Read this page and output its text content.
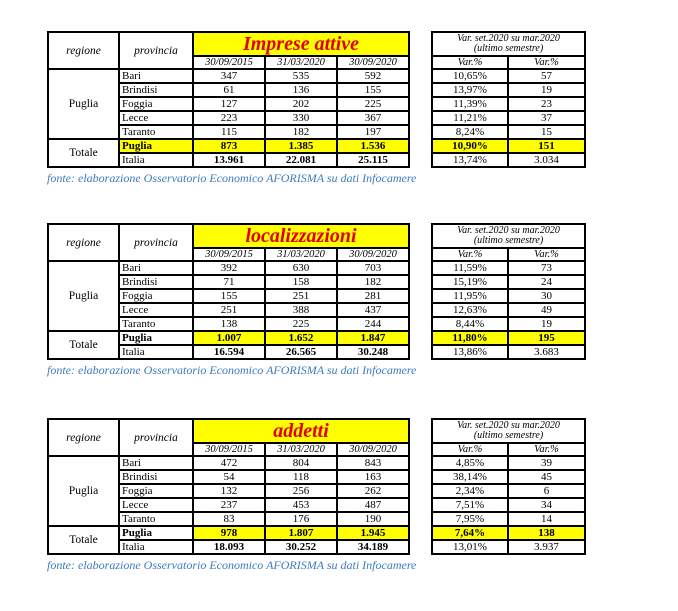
regione	provincia	Imprese attive		
		30/09/2015	31/03/2020	30/09/2020
Puglia	Bari	347	535	592
	Brindisi	61	136	155
	Foggia	127	202	225
	Lecce	223	330	367
	Taranto	115	182	197
Totale	Puglia	873	1.385	1.536
	Italia	13.961	22.081	25.115
Var. set.2020 su mar.2020
(ultimo semestre)	

Var.%	Var.%
10,65%	57
13,97%	19
11,39%	23
11,21%	37
8,24%	15
10,90%	151
13,74%	3.034
fonte: elaborazione Osservatorio Economico AFORISMA su dati Infocamere
regione	provincia	localizzazioni		
		30/09/2015	31/03/2020	30/09/2020
Puglia	Bari	392	630	703
	Brindisi	71	158	182
	Foggia	155	251	281
	Lecce	251	388	437
	Taranto	138	225	244
Totale	Puglia	1.007	1.652	1.847
	Italia	16.594	26.565	30.248
Var. set.2020 su mar.2020
(ultimo semestre)	

Var.%	Var.%
11,59%	73
15,19%	24
11,95%	30
12,63%	49
8,44%	19
11,80%	195
13,86%	3.683
fonte: elaborazione Osservatorio Economico AFORISMA su dati Infocamere
regione	provincia	addetti		
		30/09/2015	31/03/2020	30/09/2020
Puglia	Bari	472	804	843
	Brindisi	54	118	163
	Foggia	132	256	262
	Lecce	237	453	487
	Taranto	83	176	190
Totale	Puglia	978	1.807	1.945
	Italia	18.093	30.252	34.189
Var. set.2020 su mar.2020
(ultimo semestre)	

Var.%	Var.%
4,85%	39
38,14%	45
2,34%	6
7,51%	34
7,95%	14
7,64%	138
13,01%	3.937
fonte: elaborazione Osservatorio Economico AFORISMA su dati Infocamere
